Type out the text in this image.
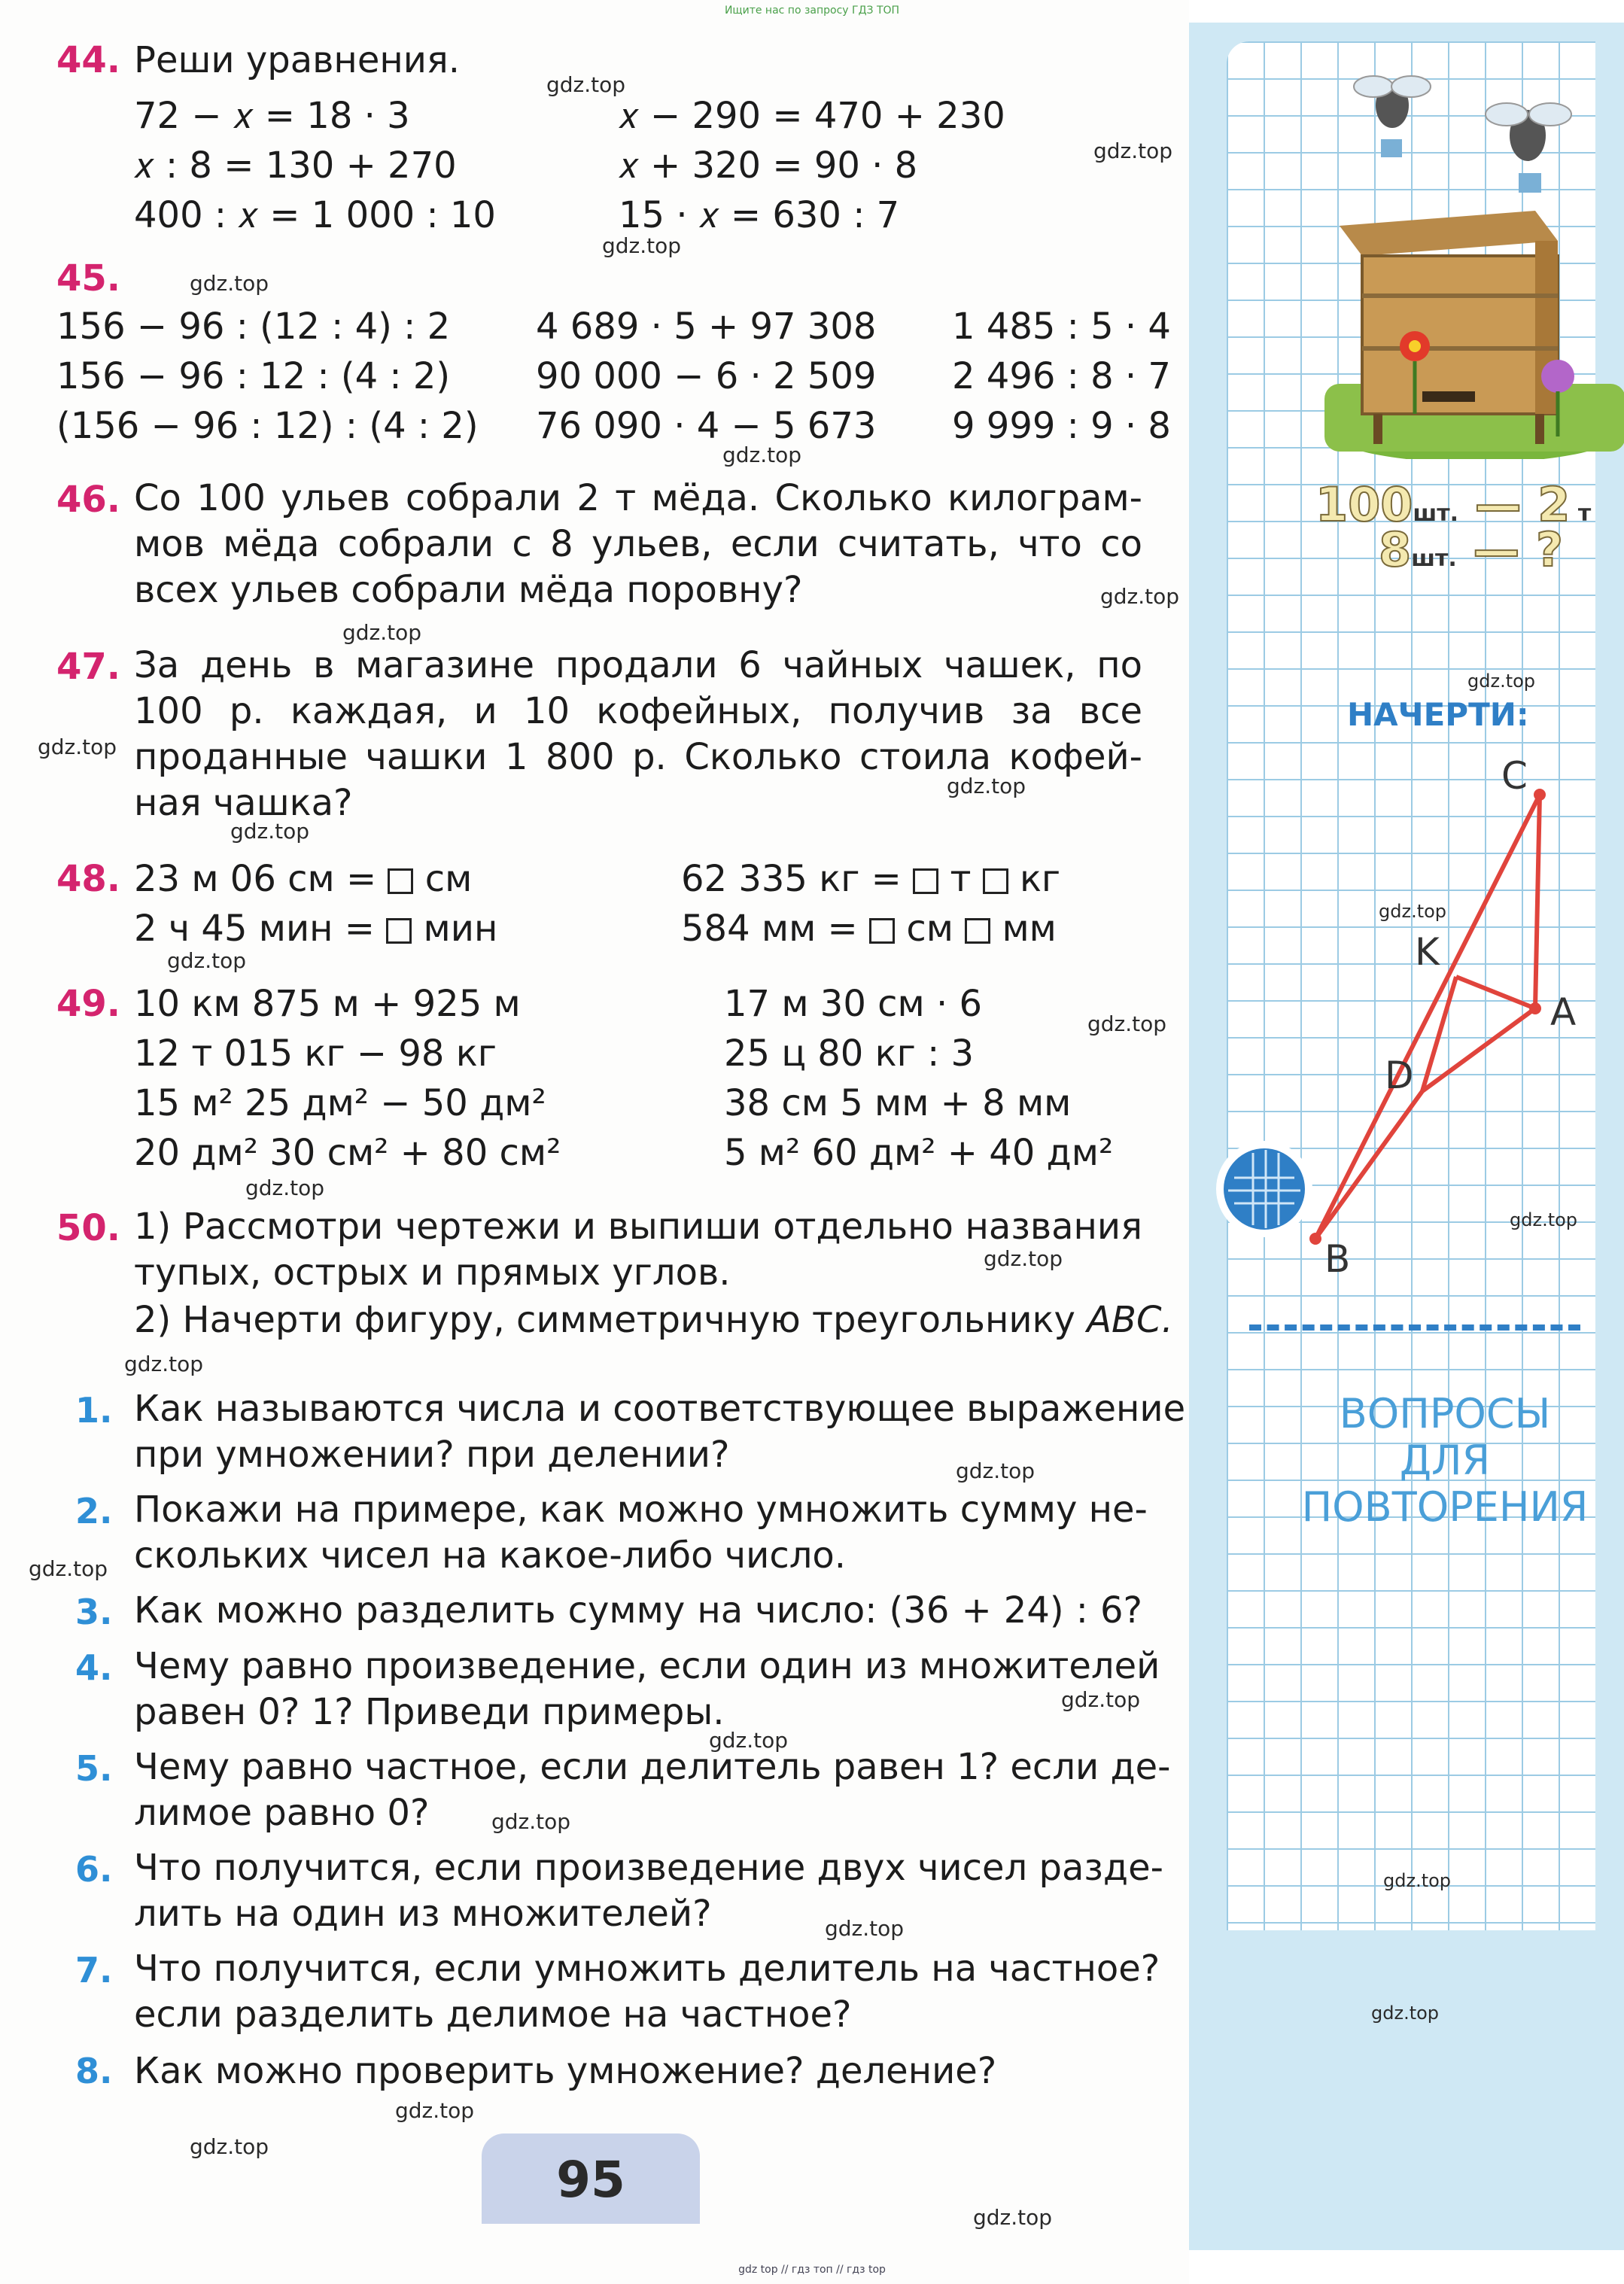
Ищите нас по запросу ГДЗ ТОП
44. Реши уравнения.
72 − 𝑥 = 18 · 3
𝑥 : 8 = 130 + 270
400 : 𝑥 = 1 000 : 10
𝑥 − 290 = 470 + 230
𝑥 + 320 = 90 · 8
15 · 𝑥 = 630 : 7
45.
156 − 96 : (12 : 4) : 2
156 − 96 : 12 : (4 : 2)
(156 − 96 : 12) : (4 : 2)
4 689 · 5 + 97 308
90 000 − 6 · 2 509
76 090 · 4 − 5 673
1 485 : 5 · 4
2 496 : 8 · 7
9 999 : 9 · 8
46. Со 100 ульев собрали 2 т мёда. Сколько килограм-
мов мёда собрали с 8 ульев, если считать, что со
всех ульев собрали мёда поровну?
47. За день в магазине продали 6 чайных чашек, по
100 р. каждая, и 10 кофейных, получив за все
проданные чашки 1 800 р. Сколько стоила кофей-
ная чашка?
48. 23 м 06 см = см
2 ч 45 мин = мин
62 335 кг = т кг
584 мм = см мм
49. 10 км 875 м + 925 м
12 т 015 кг − 98 кг
15 м² 25 дм² − 50 дм²
20 дм² 30 см² + 80 см²
17 м 30 см · 6
25 ц 80 кг : 3
38 см 5 мм + 8 мм
5 м² 60 дм² + 40 дм²
50. 1) Рассмотри чертежи и выпиши отдельно названия
тупых, острых и прямых углов.
2) Начерти фигуру, симметричную треугольнику ABC.
1. Как называются числа и соответствующее выражение
при умножении? при делении?
2. Покажи на примере, как можно умножить сумму не-
скольких чисел на какое-либо число.
3. Как можно разделить сумму на число: (36 + 24) : 6?
4. Чему равно произведение, если один из множителей
равен 0? 1? Приведи примеры.
5. Чему равно частное, если делитель равен 1? если де-
лимое равно 0?
6. Что получится, если произведение двух чисел разде-
лить на один из множителей?
7. Что получится, если умножить делитель на частное?
если разделить делимое на частное?
8. Как можно проверить умножение? деление?
95
100шт. — 2 т
8шт. — ?
НАЧЕРТИ:
C
K
A
D
B
ВОПРОСЫ
ДЛЯ
ПОВТОРЕНИЯ
gdz.top
gdz.top
gdz.top
gdz.top
gdz.top
gdz.top
gdz.top
gdz.top
gdz.top
gdz.top
gdz.top
gdz.top
gdz.top
gdz.top
gdz.top
gdz.top
gdz.top
gdz.top
gdz.top
gdz.top
gdz.top
gdz.top
gdz.top
gdz.top
gdz.top
gdz.top
gdz.top
gdz.top
gdz.top
gdz top // гдз топ // гдз top
